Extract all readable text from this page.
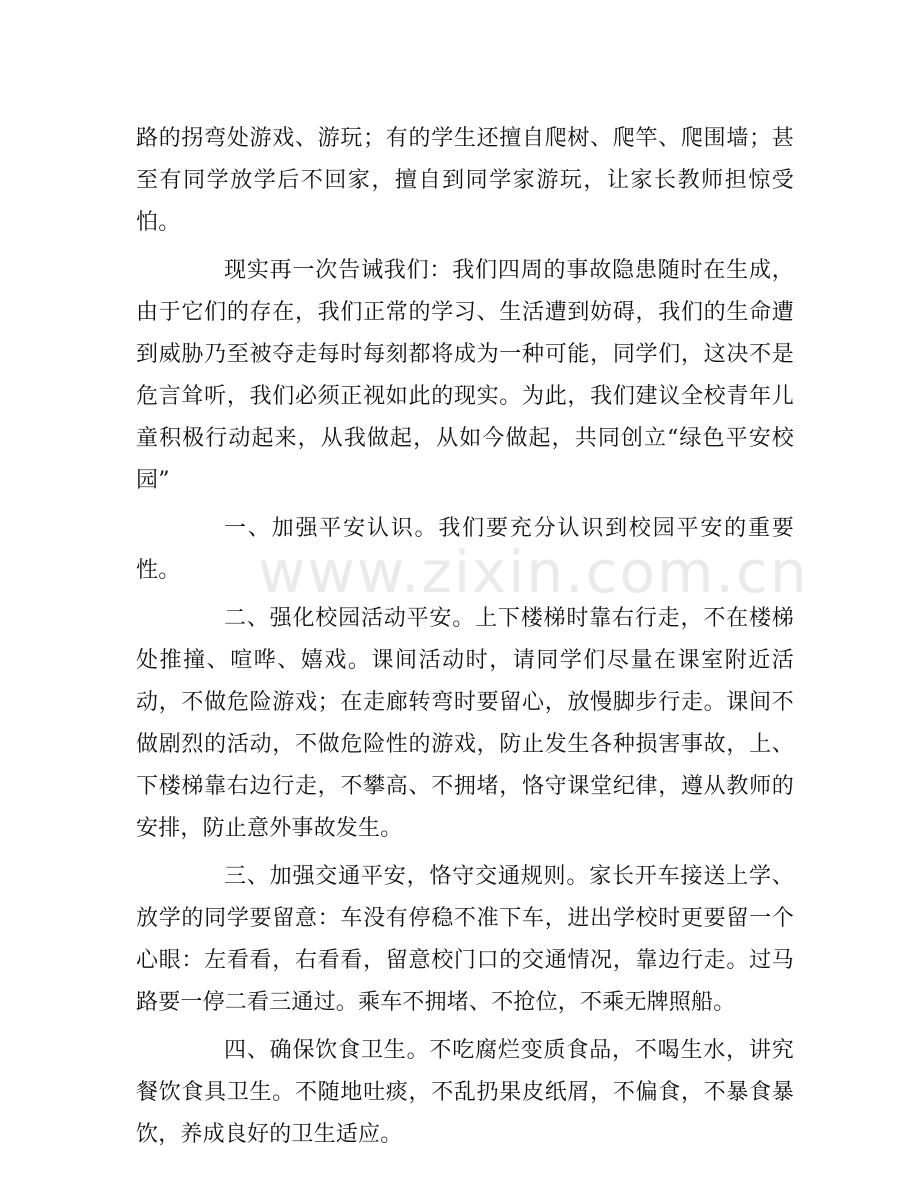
路的拐弯处游戏、游玩；有的学生还擅自爬树、爬竿、爬围墙；甚至有同学放学后不回家，擅自到同学家游玩，让家长教师担惊受怕。

现实再一次告诫我们：我们四周的事故隐患随时在生成，由于它们的存在，我们正常的学习、生活遭到妨碍，我们的生命遭到威胁乃至被夺走每时每刻都将成为一种可能，同学们，这决不是危言耸听，我们必须正视如此的现实。为此，我们建议全校青年儿童积极行动起来，从我做起，从如今做起，共同创立“绿色平安校园”

一、加强平安认识。我们要充分认识到校园平安的重要性。

二、强化校园活动平安。上下楼梯时靠右行走，不在楼梯处推撞、喧哗、嬉戏。课间活动时，请同学们尽量在课室附近活动，不做危险游戏；在走廊转弯时要留心，放慢脚步行走。课间不做剧烈的活动，不做危险性的游戏，防止发生各种损害事故，上、下楼梯靠右边行走，不攀高、不拥堵，恪守课堂纪律，遵从教师的安排，防止意外事故发生。

三、加强交通平安，恪守交通规则。家长开车接送上学、放学的同学要留意：车没有停稳不准下车，进出学校时更要留一个心眼：左看看，右看看，留意校门口的交通情况，靠边行走。过马路要一停二看三通过。乘车不拥堵、不抢位，不乘无牌照船。

四、确保饮食卫生。不吃腐烂变质食品，不喝生水，讲究餐饮食具卫生。不随地吐痰，不乱扔果皮纸屑，不偏食，不暴食暴饮，养成良好的卫生适应。

www.zixin.com.cn
